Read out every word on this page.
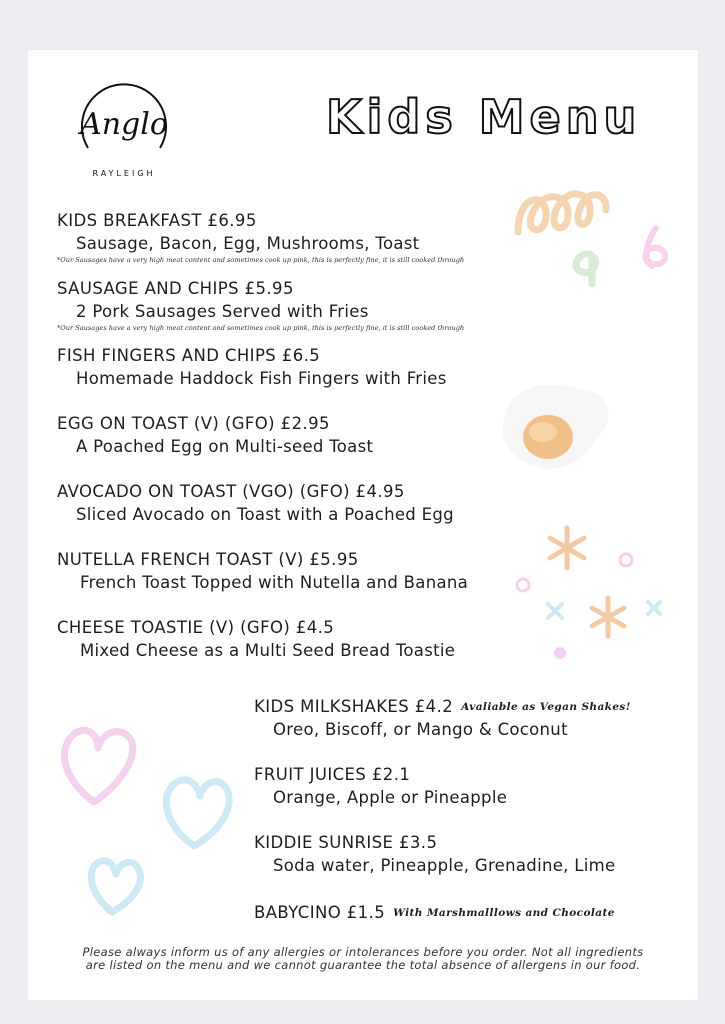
Anglo
RAYLEIGH
Kids Menu
KIDS BREAKFAST £6.95
Sausage, Bacon, Egg, Mushrooms, Toast
*Our Sausages have a very high meat content and sometimes cook up pink, this is perfectly fine, it is still cooked through
SAUSAGE AND CHIPS £5.95
2 Pork Sausages Served with Fries
*Our Sausages have a very high meat content and sometimes cook up pink, this is perfectly fine, it is still cooked through
FISH FINGERS AND CHIPS £6.5
Homemade Haddock Fish Fingers with Fries
EGG ON TOAST (V) (GFO) £2.95
A Poached Egg on Multi-seed Toast
AVOCADO ON TOAST (VGO) (GFO) £4.95
Sliced Avocado on Toast with a Poached Egg
NUTELLA FRENCH TOAST (V) £5.95
French Toast Topped with Nutella and Banana
CHEESE TOASTIE (V) (GFO) £4.5
Mixed Cheese as a Multi Seed Bread Toastie
KIDS MILKSHAKES £4.2 Avaliable as Vegan Shakes!
Oreo, Biscoff, or Mango & Coconut
FRUIT JUICES £2.1
Orange, Apple or Pineapple
KIDDIE SUNRISE £3.5
Soda water, Pineapple, Grenadine, Lime
BABYCINO £1.5 With Marshmalllows and Chocolate
Please always inform us of any allergies or intolerances before you order. Not all ingredients
are listed on the menu and we cannot guarantee the total absence of allergens in our food.
